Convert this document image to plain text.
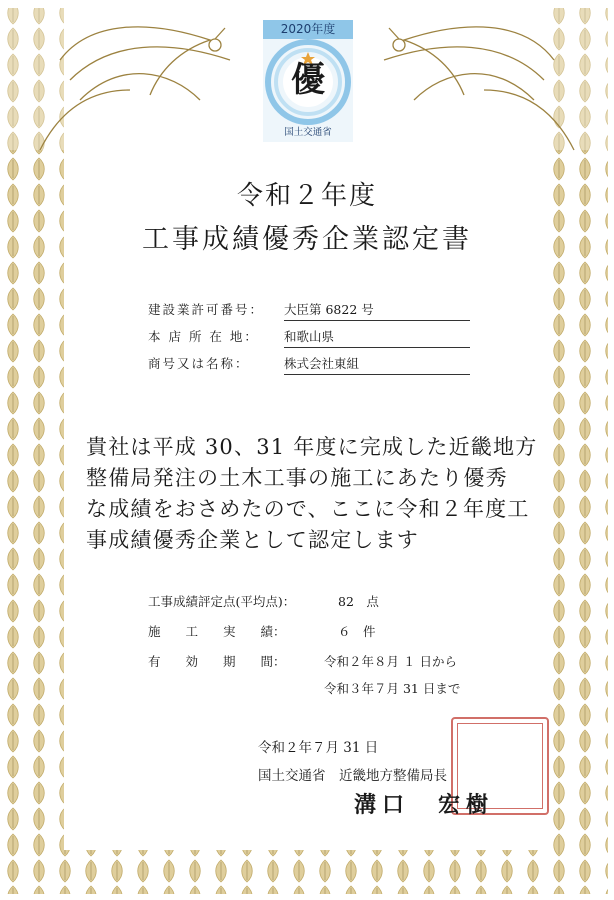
2020年度
優
国土交通省
令和２年度
工事成績優秀企業認定書
建設業許可番号：	大臣第 6822 号
本 店 所 在 地：	和歌山県
商号又は名称：	株式会社東組
貴社は平成 30、31 年度に完成した近畿地方
整備局発注の土木工事の施工にあたり優秀
な成績をおさめたので、ここに令和２年度工
事成績優秀企業として認定します
工事成績評定点(平均点)：	82　点
施　　工　　実　　績：	６　件
有　　効　　期　　間：	令和２年８月 １ 日から
令和３年７月 31 日まで
令和２年７月 31 日
国土交通省　近畿地方整備局長
溝口　宏樹
